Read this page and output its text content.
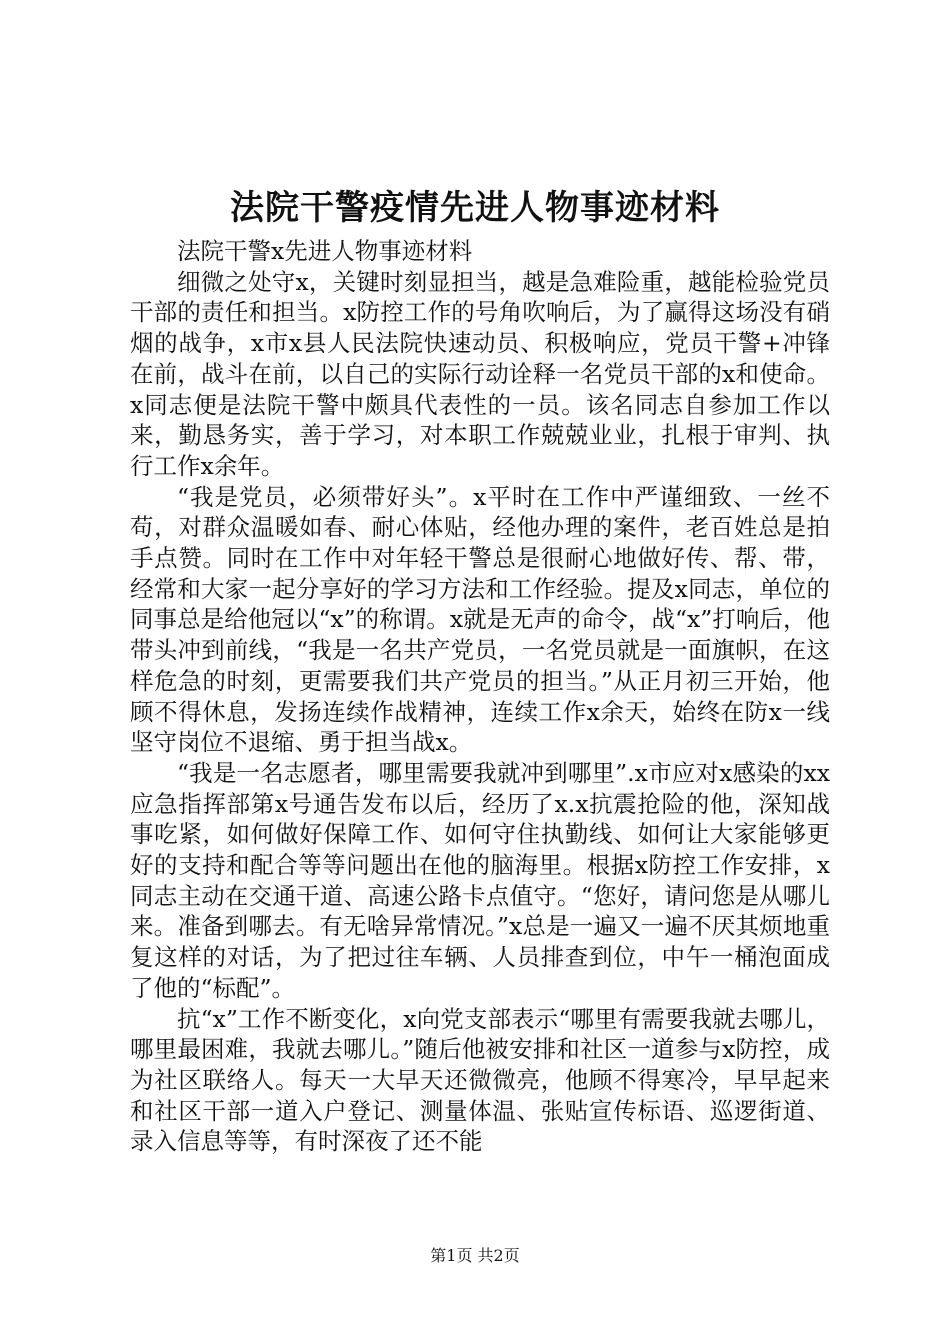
法院干警疫情先进人物事迹材料

法院干警x先进人物事迹材料

细微之处守x，关键时刻显担当，越是急难险重，越能检验党员干部的责任和担当。x防控工作的号角吹响后，为了赢得这场没有硝烟的战争，x市x县人民法院快速动员、积极响应，党员干警+冲锋在前，战斗在前，以自己的实际行动诠释一名党员干部的x和使命。x同志便是法院干警中颇具代表性的一员。该名同志自参加工作以来，勤恳务实，善于学习，对本职工作兢兢业业，扎根于审判、执行工作x余年。

“我是党员，必须带好头”。x平时在工作中严谨细致、一丝不苟，对群众温暖如春、耐心体贴，经他办理的案件，老百姓总是拍手点赞。同时在工作中对年轻干警总是很耐心地做好传、帮、带，经常和大家一起分享好的学习方法和工作经验。提及x同志，单位的同事总是给他冠以“x”的称谓。x就是无声的命令，战“x”打响后，他带头冲到前线，“我是一名共产党员，一名党员就是一面旗帜，在这样危急的时刻，更需要我们共产党员的担当。”从正月初三开始，他顾不得休息，发扬连续作战精神，连续工作x余天，始终在防x一线坚守岗位不退缩、勇于担当战x。

“我是一名志愿者，哪里需要我就冲到哪里”.x市应对x感染的xx应急指挥部第x号通告发布以后，经历了x.x抗震抢险的他，深知战事吃紧，如何做好保障工作、如何守住执勤线、如何让大家能够更好的支持和配合等等问题出在他的脑海里。根据x防控工作安排，x同志主动在交通干道、高速公路卡点值守。“您好，请问您是从哪儿来。准备到哪去。有无啥异常情况。”x总是一遍又一遍不厌其烦地重复这样的对话，为了把过往车辆、人员排查到位，中午一桶泡面成了他的“标配”。

抗“x”工作不断变化，x向党支部表示“哪里有需要我就去哪儿，哪里最困难，我就去哪儿。”随后他被安排和社区一道参与x防控，成为社区联络人。每天一大早天还微微亮，他顾不得寒冷，早早起来和社区干部一道入户登记、测量体温、张贴宣传标语、巡逻街道、录入信息等等，有时深夜了还不能

第1页 共2页
